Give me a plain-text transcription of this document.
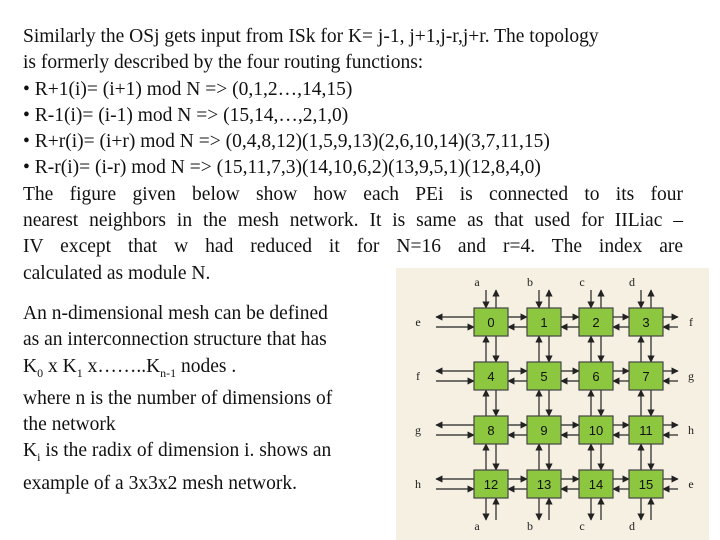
Similarly the OSj gets input from ISk for K= j-1, j+1,j-r,j+r. The topology
is formerly described by the four routing functions:
• R+1(i)= (i+1) mod N => (0,1,2…,14,15)
• R-1(i)= (i-1) mod N => (15,14,…,2,1,0)
• R+r(i)= (i+r) mod N => (0,4,8,12)(1,5,9,13)(2,6,10,14)(3,7,11,15)
• R-r(i)= (i-r) mod N => (15,11,7,3)(14,10,6,2)(13,9,5,1)(12,8,4,0)
The figure given below show how each PEi is connected to its four
nearest neighbors in the mesh network. It is same as that used for IILiac –
IV except that w had reduced it for N=16 and r=4. The index are
calculated as module N.
An n-dimensional mesh can be defined
as an interconnection structure that has
$K_0$ x $K_1$ $x\dots\dots..K_{n-1}$ nodes .
where n is the number of dimensions of
the network
$K_i$ is the radix of dimension i. shows an
example of a 3x3x2 mesh network.
0	1	2	3
4	5	6	7
8	9	10	11
12	13	14	15
a	b	c	d
a	b	c	d
e
f
g
h
f
g
h
e
